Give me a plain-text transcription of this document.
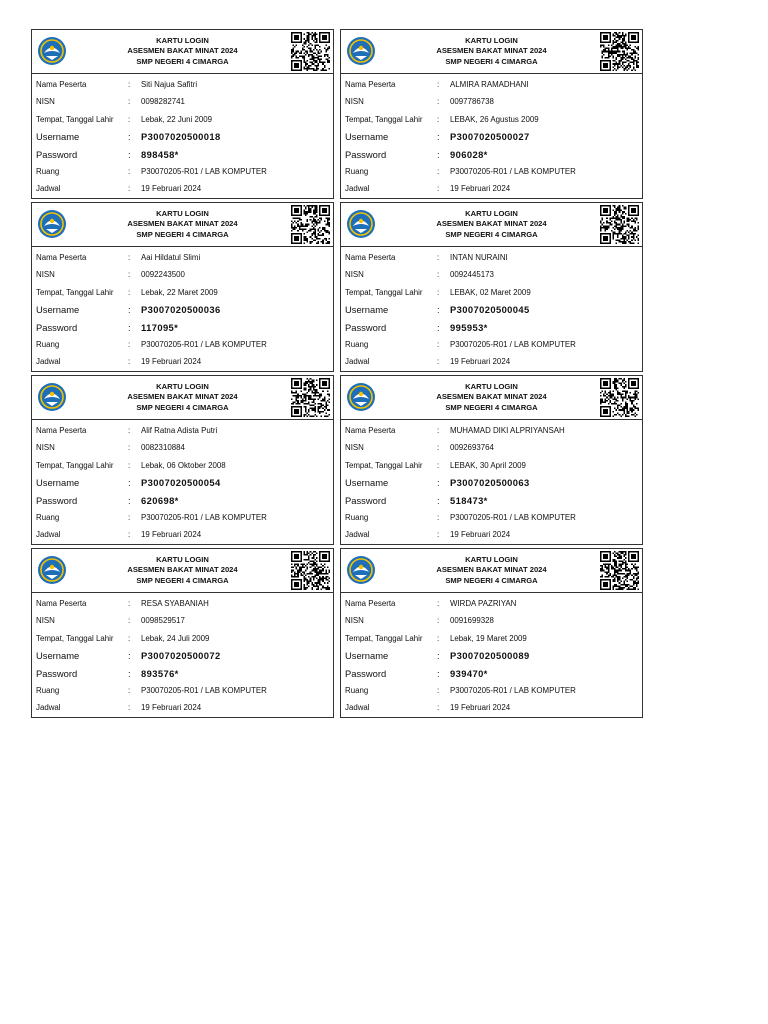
KARTU LOGIN
ASESMEN BAKAT MINAT 2024
SMP NEGERI 4 CIMARGA
Nama Peserta	: Siti Najua Safitri
NISN	: 0098282741
Tempat, Tanggal Lahir : Lebak, 22 Juni 2009
Username	: P3007020500018
Password	: 898458*
Ruang	: P30070205-R01 / LAB KOMPUTER
Jadwal	: 19 Februari 2024
KARTU LOGIN
ASESMEN BAKAT MINAT 2024
SMP NEGERI 4 CIMARGA
Nama Peserta	: ALMIRA RAMADHANI
NISN	: 0097786738
Tempat, Tanggal Lahir : LEBAK, 26 Agustus 2009
Username	: P3007020500027
Password	: 906028*
Ruang	: P30070205-R01 / LAB KOMPUTER
Jadwal	: 19 Februari 2024
KARTU LOGIN
ASESMEN BAKAT MINAT 2024
SMP NEGERI 4 CIMARGA
Nama Peserta	: Aai Hildatul Slimi
NISN	: 0092243500
Tempat, Tanggal Lahir : Lebak, 22 Maret 2009
Username	: P3007020500036
Password	: 117095*
Ruang	: P30070205-R01 / LAB KOMPUTER
Jadwal	: 19 Februari 2024
KARTU LOGIN
ASESMEN BAKAT MINAT 2024
SMP NEGERI 4 CIMARGA
Nama Peserta	: INTAN NURAINI
NISN	: 0092445173
Tempat, Tanggal Lahir : LEBAK, 02 Maret 2009
Username	: P3007020500045
Password	: 995953*
Ruang	: P30070205-R01 / LAB KOMPUTER
Jadwal	: 19 Februari 2024
KARTU LOGIN
ASESMEN BAKAT MINAT 2024
SMP NEGERI 4 CIMARGA
Nama Peserta	: Alif Ratna Adista Putri
NISN	: 0082310884
Tempat, Tanggal Lahir : Lebak, 06 Oktober 2008
Username	: P3007020500054
Password	: 620698*
Ruang	: P30070205-R01 / LAB KOMPUTER
Jadwal	: 19 Februari 2024
KARTU LOGIN
ASESMEN BAKAT MINAT 2024
SMP NEGERI 4 CIMARGA
Nama Peserta	: MUHAMAD DIKI ALPRIYANSAH
NISN	: 0092693764
Tempat, Tanggal Lahir : LEBAK, 30 April 2009
Username	: P3007020500063
Password	: 518473*
Ruang	: P30070205-R01 / LAB KOMPUTER
Jadwal	: 19 Februari 2024
KARTU LOGIN
ASESMEN BAKAT MINAT 2024
SMP NEGERI 4 CIMARGA
Nama Peserta	: RESA SYABANIAH
NISN	: 0098529517
Tempat, Tanggal Lahir : Lebak, 24 Juli 2009
Username	: P3007020500072
Password	: 893576*
Ruang	: P30070205-R01 / LAB KOMPUTER
Jadwal	: 19 Februari 2024
KARTU LOGIN
ASESMEN BAKAT MINAT 2024
SMP NEGERI 4 CIMARGA
Nama Peserta	: WIRDA PAZRIYAN
NISN	: 0091699328
Tempat, Tanggal Lahir : Lebak, 19 Maret 2009
Username	: P3007020500089
Password	: 939470*
Ruang	: P30070205-R01 / LAB KOMPUTER
Jadwal	: 19 Februari 2024
